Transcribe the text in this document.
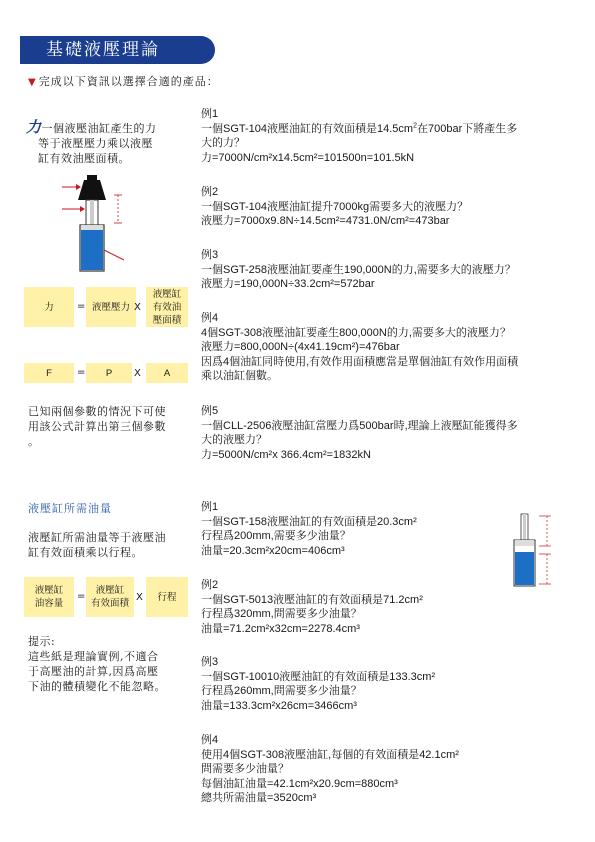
基礎液壓理論
▼ 完成以下資訊以選擇合適的產品：
力一個液壓油缸產生的力
等于液壓壓力乘以液壓
缸有效油壓面積。
力	= 液壓壓力 X
液壓缸
有效油
壓面積
F	=	P	X	A
已知兩個參數的情況下可使
用該公式計算出第三個參數
。
例1
一個SGT-104液壓油缸的有效面積是$14.5cm^2$在700bar下將產生多
大的力？
力=7000N/cm²x14.5cm²=101500n=101.5kN
例2
一個SGT-104液壓油缸提升7000kg需要多大的液壓力？
液壓力=7000x9.8N÷14.5cm²=4731.0N/cm²=473bar
例3
一個SGT-258液壓油缸要產生190,000N的力,需要多大的液壓力？
液壓力=190,000N÷33.2cm²=572bar
例4
4個SGT-308液壓油缸要產生800,000N的力,需要多大的液壓力？
液壓力=800,000N÷(4x41.19cm²)=476bar
因爲4個油缸同時使用,有效作用面積應當是單個油缸有效作用面積
乘以油缸個數。
例5
一個CLL-2506液壓油缸當壓力爲500bar時,理論上液壓缸能獲得多
大的液壓力？
力=5000N/cm²x 366.4cm²=1832kN
液壓缸所需油量
液壓缸所需油量等于液壓油
缸有效面積乘以行程。
液壓缸
油容量
=
液壓缸
有效面積
X	行程
提示:
這些紙是理論實例,不適合
于高壓油的計算,因爲高壓
下油的體積變化不能忽略。
例1
一個SGT-158液壓油缸的有效面積是20.3cm²
行程爲200mm,需要多少油量？
油量=20.3cm²x20cm=406cm³
例2
一個SGT-5013液壓油缸的有效面積是71.2cm²
行程爲320mm,問需要多少油量？
油量=71.2cm²x32cm=2278.4cm³
例3
一個SGT-10010液壓油缸的有效面積是133.3cm²
行程爲260mm,問需要多少油量？
油量=133.3cm²x26cm=3466cm³
例4
使用4個SGT-308液壓油缸,每個的有效面積是42.1cm²
問需要多少油量？
每個油缸油量=42.1cm²x20.9cm=880cm³
總共所需油量=3520cm³
